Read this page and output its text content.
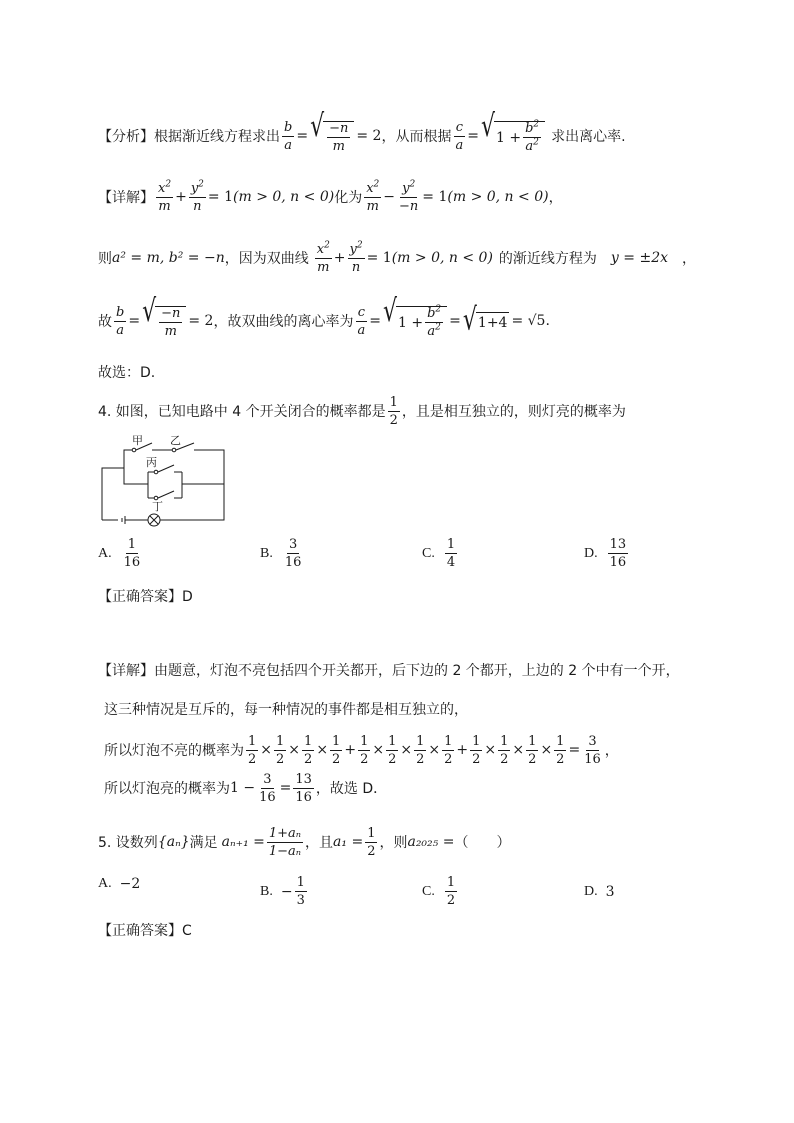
【分析】根据渐近线方程求出 $\frac{b}{a}$ = √ $\frac{-n}{m} = 2$ ，从而根据 $\frac{c}{a}$ = √ $1 + \frac{b^2}{a^2}$ 求出离心率.
【详解】 $\frac{x^2}{m} + \frac{y^2}{n} = 1$ (m > 0, n < 0) 化为 $\frac{x^2}{m} - \frac{y^2}{-n} = 1$ (m > 0, n < 0) ，
则 a² = m, b² = −n ，因为双曲线 $\frac{x^2}{m} + \frac{y^2}{n} = 1$ (m > 0, n < 0) 的渐近线方程为 y = ±2x ，
故 $\frac{b}{a}$ = √ $\frac{-n}{m} = 2$ ，故双曲线的离心率为 $\frac{c}{a}$ = √ $1 + \frac{b^2}{a^2}$ = √ 1+4 = √5 .
故选：D.
4. 如图，已知电路中 4 个开关闭合的概率都是 $\frac{1}{2}$ ，且是相互独立的，则灯亮的概率为
甲 乙
丙
丁
A. $\frac{1}{16}$	B. $\frac{3}{16}$	C. $\frac{1}{4}$	D. $\frac{13}{16}$
【正确答案】D
【详解】由题意，灯泡不亮包括四个开关都开，后下边的 2 个都开，上边的 2 个中有一个开，
这三种情况是互斥的，每一种情况的事件都是相互独立的，
所以灯泡不亮的概率为 $\frac{1}{2} \times \frac{1}{2} \times \frac{1}{2} \times \frac{1}{2} + \frac{1}{2} \times \frac{1}{2} \times \frac{1}{2} \times \frac{1}{2} + \frac{1}{2} \times \frac{1}{2} \times \frac{1}{2} \times \frac{1}{2} = \frac{3}{16}$ ，
所以灯泡亮的概率为 $1 - \frac{3}{16} = \frac{13}{16}$ ，故选 D．
5. 设数列 {aₙ} 满足 $a_{n+1} = \frac{\text{1+aₙ}}{\text{1−aₙ}}$ ，且 $a_1 = \frac{1}{2}$ ，则 a₂₀₂₅ = （　　）
A. −2	B. − $\frac{1}{3}$	C. $\frac{1}{2}$	D. 3
【正确答案】C
